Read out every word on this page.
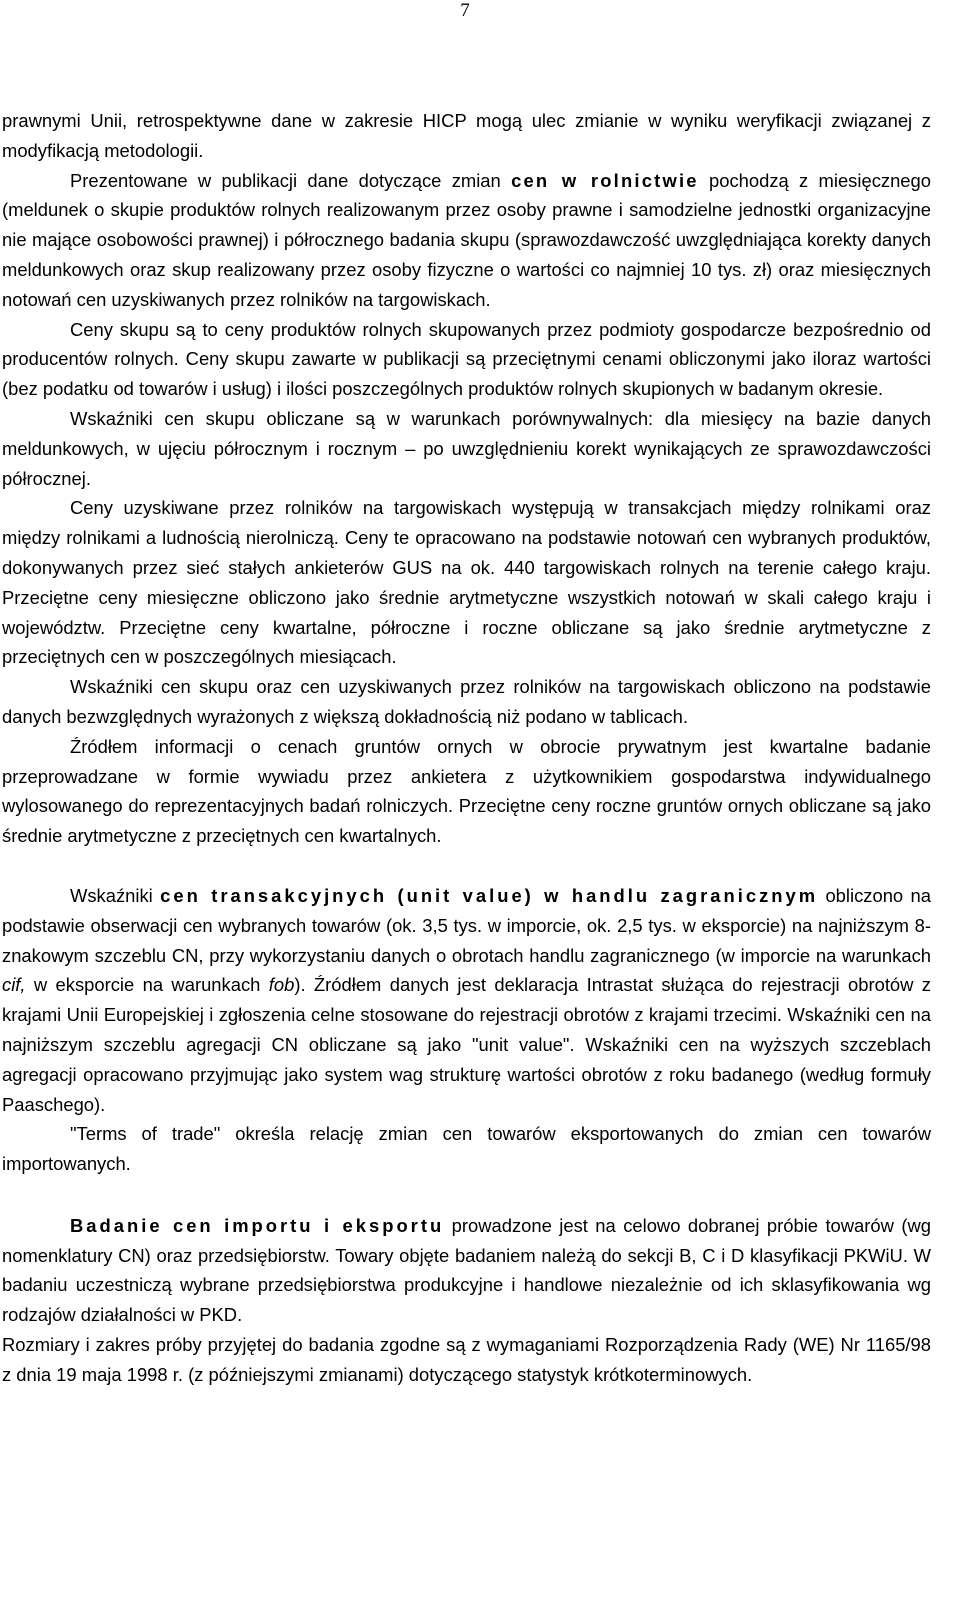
7

prawnymi Unii, retrospektywne dane w zakresie HICP mogą ulec zmianie w wyniku weryfikacji związanej z modyfikacją metodologii.

Prezentowane w publikacji dane dotyczące zmian cen w rolnictwie pochodzą z miesięcznego (meldunek o skupie produktów rolnych realizowanym przez osoby prawne i samodzielne jednostki organizacyjne nie mające osobowości prawnej) i półrocznego badania skupu (sprawozdawczość uwzględniająca korekty danych meldunkowych oraz skup realizowany przez osoby fizyczne o wartości co najmniej 10 tys. zł) oraz miesięcznych notowań cen uzyskiwanych przez rolników na targowiskach.

Ceny skupu są to ceny produktów rolnych skupowanych przez podmioty gospodarcze bezpośrednio od producentów rolnych. Ceny skupu zawarte w publikacji są przeciętnymi cenami obliczonymi jako iloraz wartości (bez podatku od towarów i usług) i ilości poszczególnych produktów rolnych skupionych w badanym okresie.

Wskaźniki cen skupu obliczane są w warunkach porównywalnych: dla miesięcy na bazie danych meldunkowych, w ujęciu półrocznym i rocznym – po uwzględnieniu korekt wynikających ze sprawozdawczości półrocznej.

Ceny uzyskiwane przez rolników na targowiskach występują w transakcjach między rolnikami oraz między rolnikami a ludnością nierolniczą. Ceny te opracowano na podstawie notowań cen wybranych produktów, dokonywanych przez sieć stałych ankieterów GUS na ok. 440 targowiskach rolnych na terenie całego kraju. Przeciętne ceny miesięczne obliczono jako średnie arytmetyczne wszystkich notowań w skali całego kraju i województw. Przeciętne ceny kwartalne, półroczne i roczne obliczane są jako średnie arytmetyczne z przeciętnych cen w poszczególnych miesiącach.

Wskaźniki cen skupu oraz cen uzyskiwanych przez rolników na targowiskach obliczono na podstawie danych bezwzględnych wyrażonych z większą dokładnością niż podano w tablicach.

Źródłem informacji o cenach gruntów ornych w obrocie prywatnym jest kwartalne badanie przeprowadzane w formie wywiadu przez ankietera z użytkownikiem gospodarstwa indywidualnego wylosowanego do reprezentacyjnych badań rolniczych. Przeciętne ceny roczne gruntów ornych obliczane są jako średnie arytmetyczne z przeciętnych cen kwartalnych.

Wskaźniki cen transakcyjnych (unit value) w handlu zagranicznym obliczono na podstawie obserwacji cen wybranych towarów (ok. 3,5 tys. w imporcie, ok. 2,5 tys. w eksporcie) na najniższym 8-znakowym szczeblu CN, przy wykorzystaniu danych o obrotach handlu zagranicznego (w imporcie na warunkach cif, w eksporcie na warunkach fob). Źródłem danych jest deklaracja Intrastat służąca do rejestracji obrotów z krajami Unii Europejskiej i zgłoszenia celne stosowane do rejestracji obrotów z krajami trzecimi. Wskaźniki cen na najniższym szczeblu agregacji CN obliczane są jako "unit value". Wskaźniki cen na wyższych szczeblach agregacji opracowano przyjmując jako system wag strukturę wartości obrotów z roku badanego (według formuły Paaschego).

"Terms of trade" określa relację zmian cen towarów eksportowanych do zmian cen towarów importowanych.

Badanie cen importu i eksportu prowadzone jest na celowo dobranej próbie towarów (wg nomenklatury CN) oraz przedsiębiorstw. Towary objęte badaniem należą do sekcji B, C i D klasyfikacji PKWiU. W badaniu uczestniczą wybrane przedsiębiorstwa produkcyjne i handlowe niezależnie od ich sklasyfikowania wg rodzajów działalności w PKD.

Rozmiary i zakres próby przyjętej do badania zgodne są z wymaganiami Rozporządzenia Rady (WE) Nr 1165/98 z dnia 19 maja 1998 r. (z późniejszymi zmianami) dotyczącego statystyk krótkoterminowych.
